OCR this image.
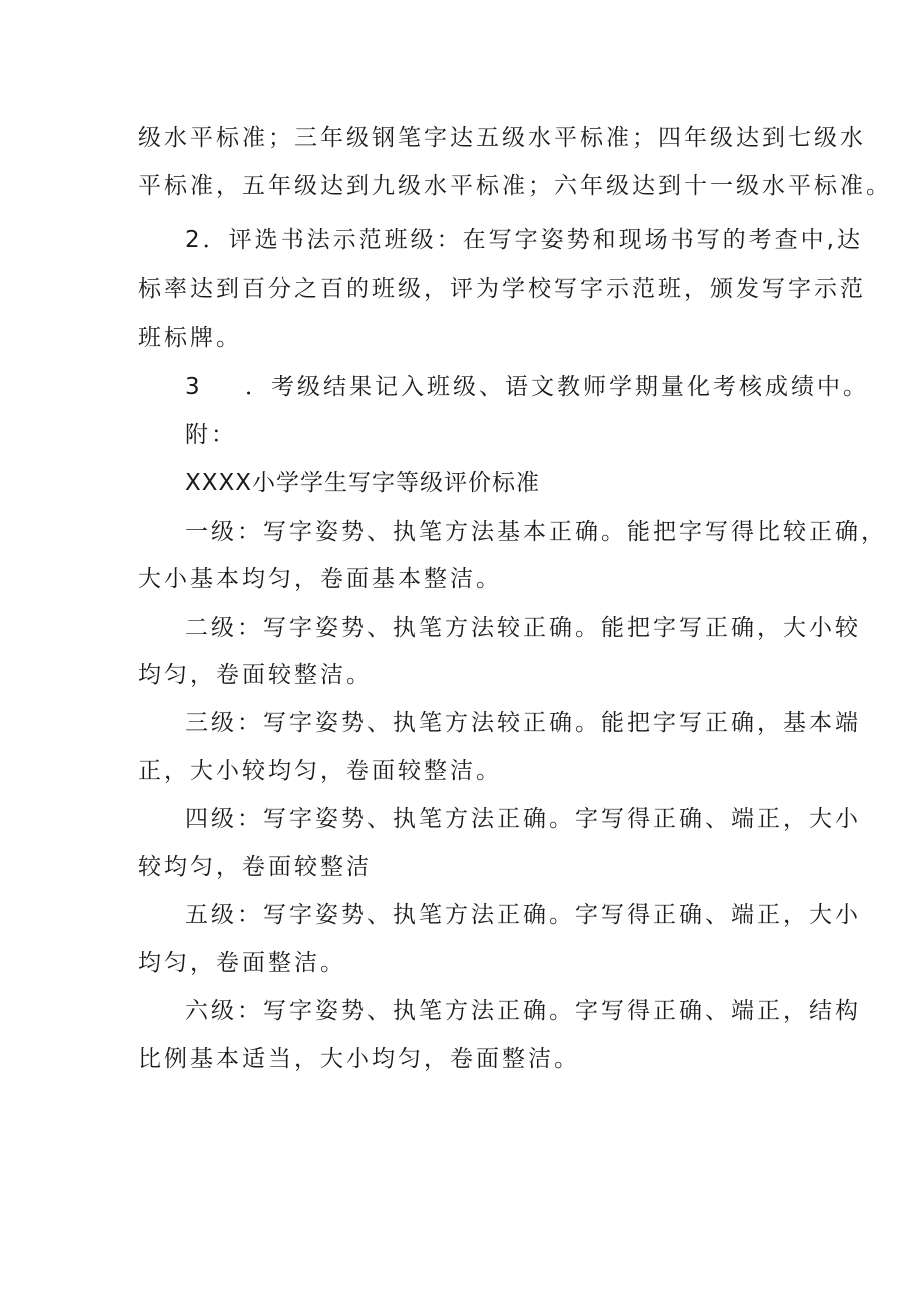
级水平标准；三年级钢笔字达五级水平标准；四年级达到七级水
平标准，五年级达到九级水平标准；六年级达到十一级水平标准。
2．评选书法示范班级：在写字姿势和现场书写的考查中,达
标率达到百分之百的班级，评为学校写字示范班，颁发写字示范
班标牌。
3 ．考级结果记入班级、语文教师学期量化考核成绩中。
附：
XXXX小学学生写字等级评价标准
一级：写字姿势、执笔方法基本正确。能把字写得比较正确，
大小基本均匀，卷面基本整洁。
二级：写字姿势、执笔方法较正确。能把字写正确，大小较
均匀，卷面较整洁。
三级：写字姿势、执笔方法较正确。能把字写正确，基本端
正，大小较均匀，卷面较整洁。
四级：写字姿势、执笔方法正确。字写得正确、端正，大小
较均匀，卷面较整洁
五级：写字姿势、执笔方法正确。字写得正确、端正，大小
均匀，卷面整洁。
六级：写字姿势、执笔方法正确。字写得正确、端正，结构
比例基本适当，大小均匀，卷面整洁。
